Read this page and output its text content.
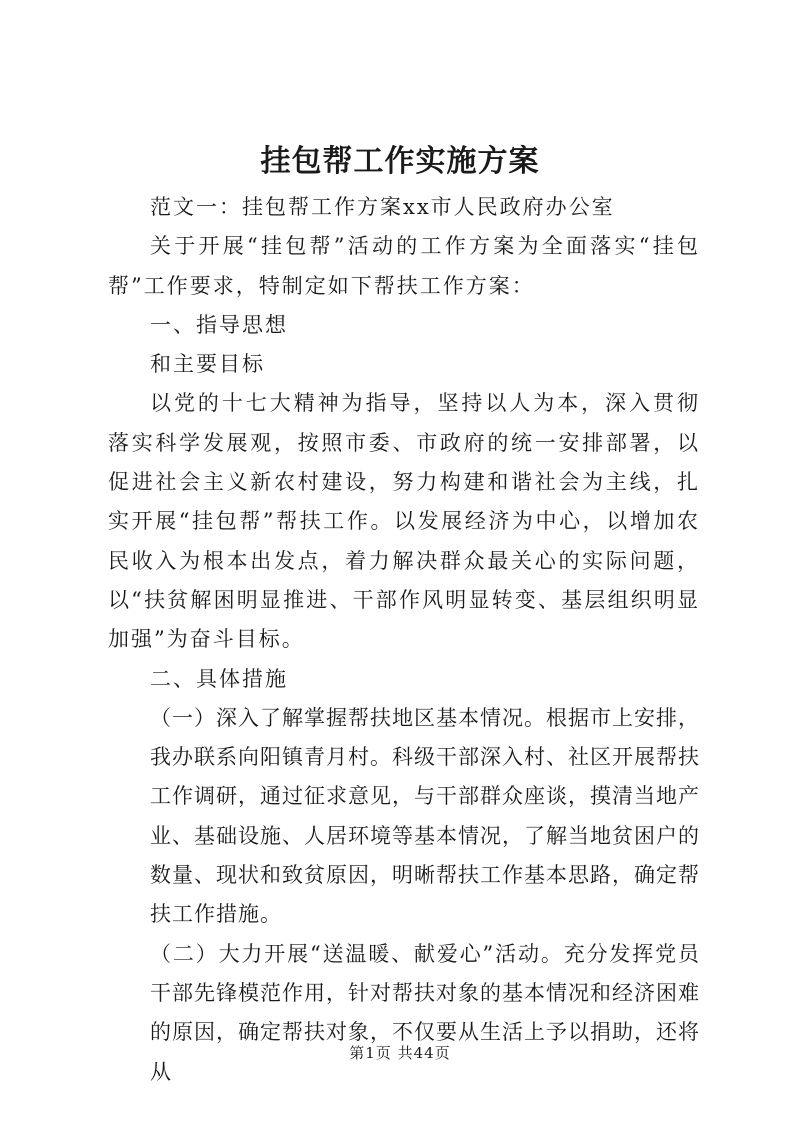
挂包帮工作实施方案

范文一：挂包帮工作方案xx市人民政府办公室

关于开展“挂包帮”活动的工作方案为全面落实“挂包帮”工作要求，特制定如下帮扶工作方案：

一、指导思想

和主要目标

以党的十七大精神为指导，坚持以人为本，深入贯彻落实科学发展观，按照市委、市政府的统一安排部署，以促进社会主义新农村建设，努力构建和谐社会为主线，扎实开展“挂包帮”帮扶工作。以发展经济为中心，以增加农民收入为根本出发点，着力解决群众最关心的实际问题，以“扶贫解困明显推进、干部作风明显转变、基层组织明显加强”为奋斗目标。

二、具体措施

（一）深入了解掌握帮扶地区基本情况。根据市上安排，我办联系向阳镇青月村。科级干部深入村、社区开展帮扶工作调研，通过征求意见，与干部群众座谈，摸清当地产业、基础设施、人居环境等基本情况，了解当地贫困户的数量、现状和致贫原因，明晰帮扶工作基本思路，确定帮扶工作措施。

（二）大力开展“送温暖、献爱心”活动。充分发挥党员干部先锋模范作用，针对帮扶对象的基本情况和经济困难的原因，确定帮扶对象，不仅要从生活上予以捐助，还将从

第1页 共44页
